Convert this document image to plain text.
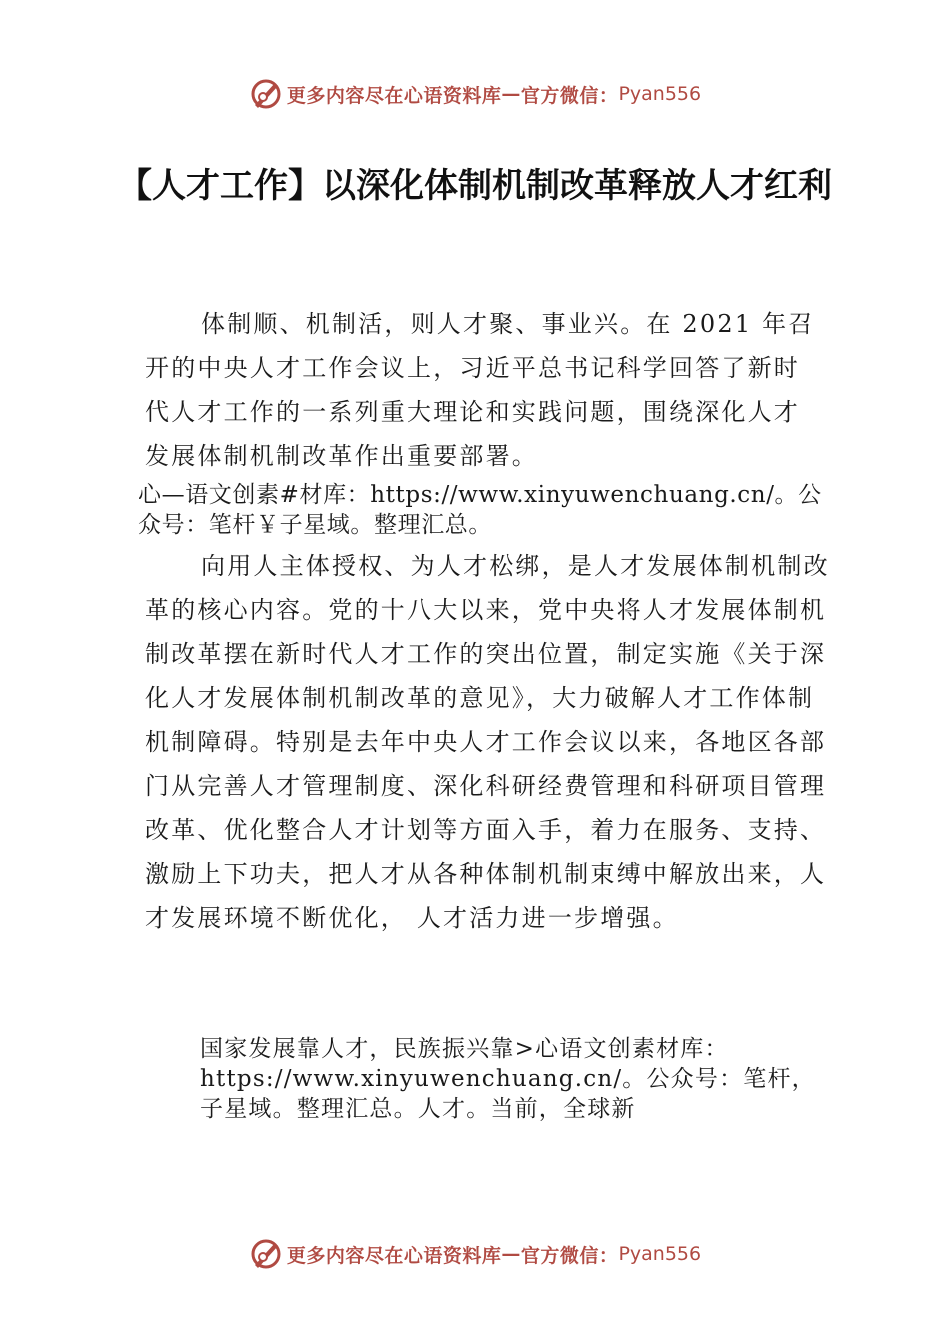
更多内容尽在心语资料库 — 官方微信： Pyan556
【人才工作】以深化体制机制改革释放人才红利

体制顺、机制活，则人才聚、事业兴。在 2021 年召开的中央人才工作会议上，习近平总书记科学回答了新时代人才工作的一系列重大理论和实践问题，围绕深化人才发展体制机制改革作出重要部署。

心—语文创素#材库：https://www.xinyuwenchuang.cn/。公众号：笔杆￥子星域。整理汇总。

向用人主体授权、为人才松绑，是人才发展体制机制改革的核心内容。党的十八大以来，党中央将人才发展体制机制改革摆在新时代人才工作的突出位置，制定实施《关于深化人才发展体制机制改革的意见》，大力破解人才工作体制机制障碍。特别是去年中央人才工作会议以来，各地区各部门从完善人才管理制度、深化科研经费管理和科研项目管理改革、优化整合人才计划等方面入手，着力在服务、支持、激励上下功夫，把人才从各种体制机制束缚中解放出来，人才发展环境不断优化， 人才活力进一步增强。

国家发展靠人才，民族振兴靠>心语文创素材库：https://www.xinyuwenchuang.cn/。公众号：笔杆，子星域。整理汇总。人才。当前，全球新

更多内容尽在心语资料库 — 官方微信： Pyan556
